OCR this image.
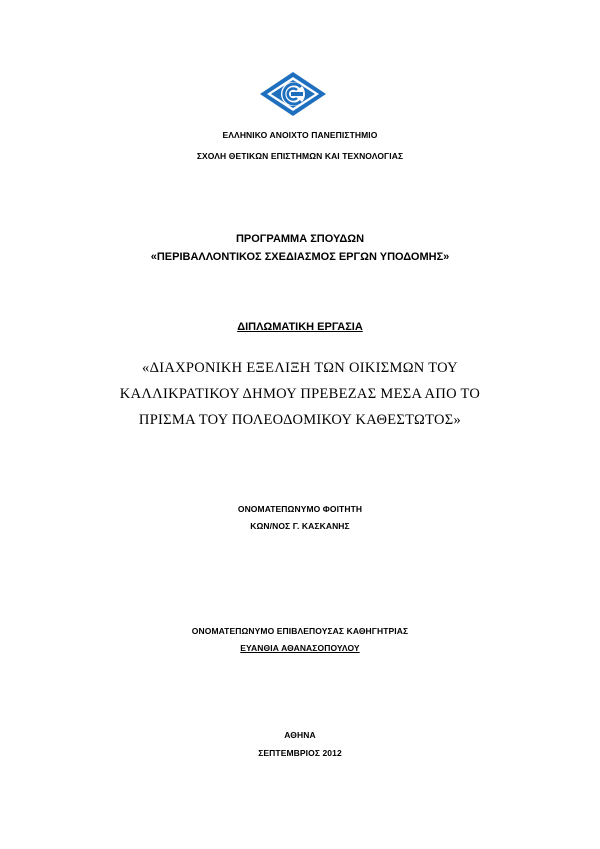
ΕΛΛΗΝΙΚΟ ΑΝΟΙΧΤΟ ΠΑΝΕΠΙΣΤΗΜΙΟ
ΣΧΟΛΗ ΘΕΤΙΚΩΝ ΕΠΙΣΤΗΜΩΝ ΚΑΙ ΤΕΧΝΟΛΟΓΙΑΣ
ΠΡΟΓΡΑΜΜΑ ΣΠΟΥΔΩΝ
«ΠΕΡΙΒΑΛΛΟΝΤΙΚΟΣ ΣΧΕΔΙΑΣΜΟΣ ΕΡΓΩΝ ΥΠΟΔΟΜΗΣ»
ΔΙΠΛΩΜΑΤΙΚΗ ΕΡΓΑΣΙΑ
«ΔΙΑΧΡΟΝΙΚΗ ΕΞΕΛΙΞΗ ΤΩΝ ΟΙΚΙΣΜΩΝ ΤΟΥ
ΚΑΛΛΙΚΡΑΤΙΚΟΥ ΔΗΜΟΥ ΠΡΕΒΕΖΑΣ ΜΕΣΑ ΑΠΟ ΤΟ
ΠΡΙΣΜΑ ΤΟΥ ΠΟΛΕΟΔΟΜΙΚΟΥ ΚΑΘΕΣΤΩΤΟΣ»
ΟΝΟΜΑΤΕΠΩΝΥΜΟ ΦΟΙΤΗΤΗ
ΚΩΝ/ΝΟΣ Γ. ΚΑΣΚΑΝΗΣ
ΟΝΟΜΑΤΕΠΩΝΥΜΟ ΕΠΙΒΛΕΠΟΥΣΑΣ ΚΑΘΗΓΗΤΡΙΑΣ
ΕΥΑΝΘΙΑ ΑΘΑΝΑΣΟΠΟΥΛΟΥ
ΑΘΗΝΑ
ΣΕΠΤΕΜΒΡΙΟΣ 2012
